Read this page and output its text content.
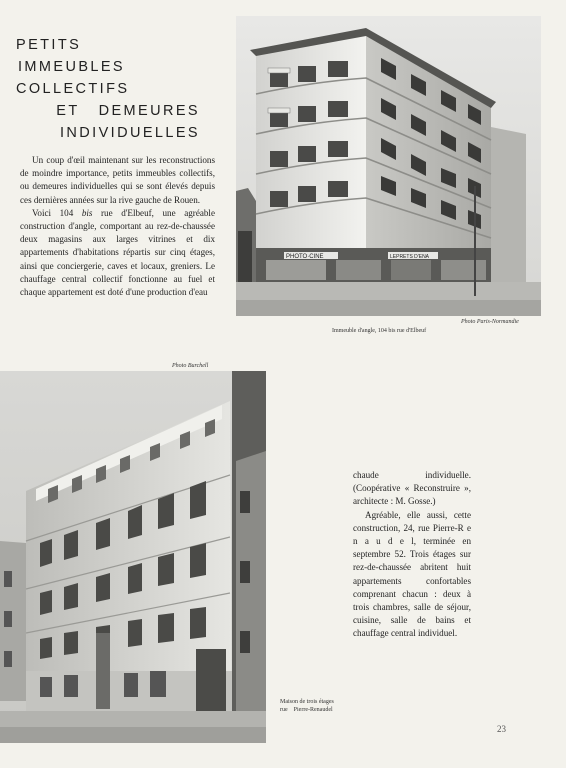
PETITS
IMMEUBLES
COLLECTIFS
ET   DEMEURES
INDIVIDUELLES

Un coup d'œil maintenant sur les reconstructions de moindre importance, petits immeubles collectifs, ou demeures individuelles qui se sont élevés depuis ces dernières années sur la rive gauche de Rouen.

Voici 104 bis rue d'Elbeuf, une agréable construction d'angle, comportant au rez-de-chaussée deux magasins aux larges vitrines et dix appartements d'habitations répartis sur cinq étages, ainsi que conciergerie, caves et locaux, greniers. Le chauffage central collectif fonctionne au fuel et chaque appartement est doté d'une production d'eau

PHOTO·CINE	LEPRETS D'ENA
Photo Paris-Normandie
Immeuble d'angle, 104 bis rue d'Elbeuf
Photo Burchell
Maison de trois étages
rue    Pierre-Renaudel

chaude individuelle. (Coopérative « Reconstruire », architecte : M. Gosse.)

Agréable, elle aussi, cette construction, 24, rue Pierre-R e n a u d e l, terminée en septembre 52. Trois étages sur rez-de-chaussée abritent huit appartements confortables comprenant chacun : deux à trois chambres, salle de séjour, cuisine, salle de bains et chauffage central individuel.

23
